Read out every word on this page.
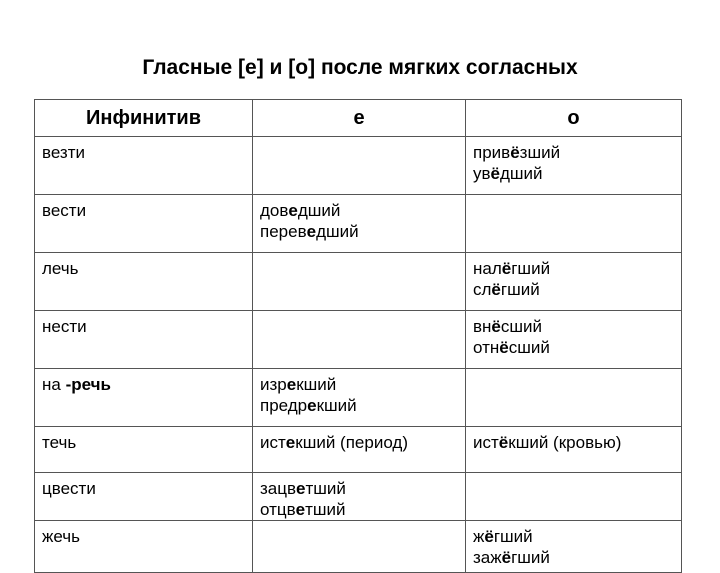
Гласные [е] и [о] после мягких согласных
Инфинитив	е	о

везти		привёзший
увёдший

вести	доведший
переведший	

лечь		налёгший
слёгший

нести		внёсший
отнёсший

на -речь	изрекший
предрекший	

течь	истекший (период)	истёкший (кровью)

цвести	зацветший
отцветший	

жечь		жёгший
зажёгший
